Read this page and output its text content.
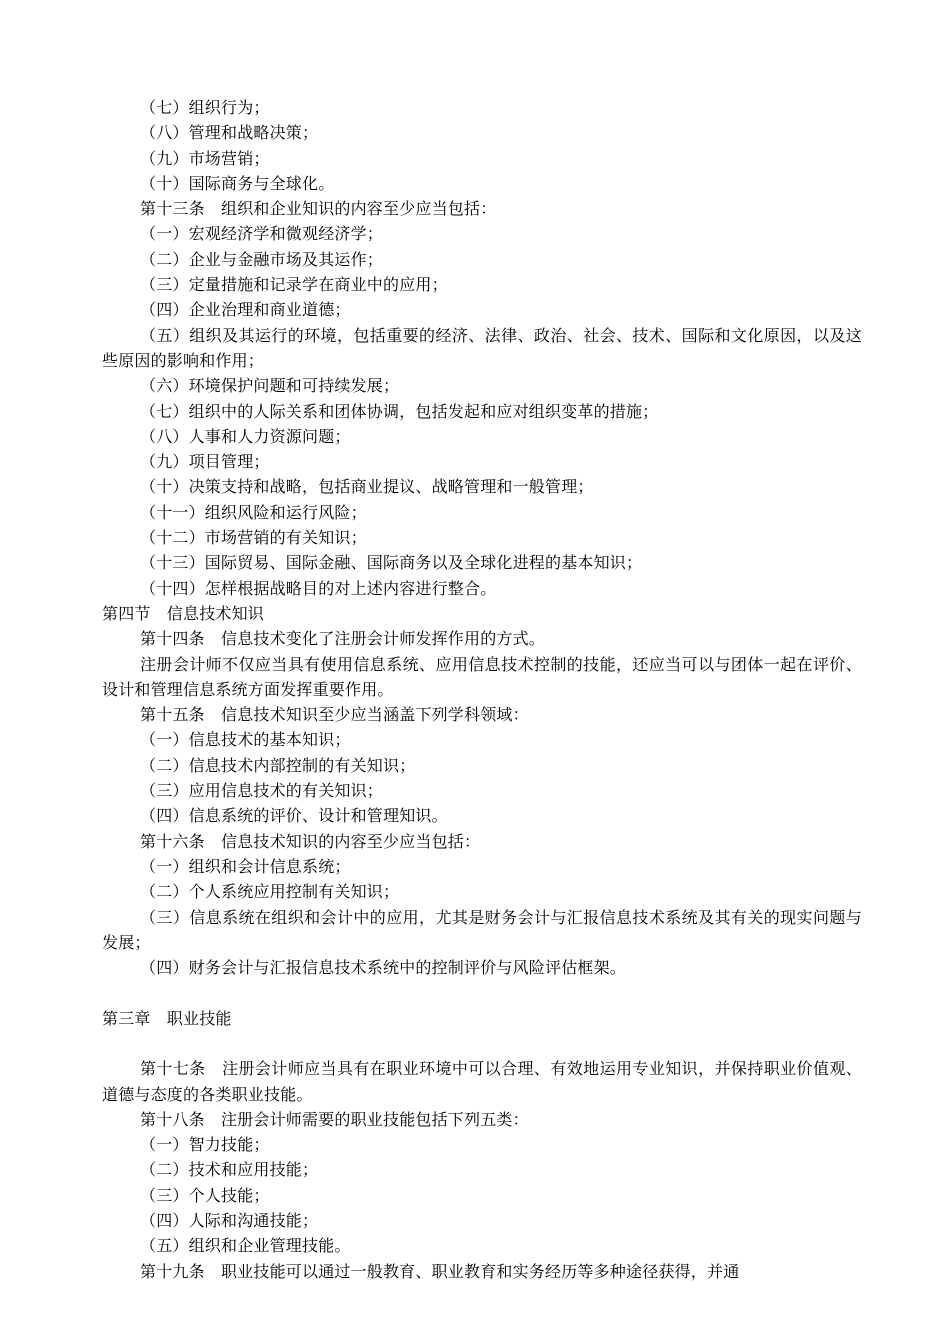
（七）组织行为；
（八）管理和战略决策；
（九）市场营销；
（十）国际商务与全球化。
第十三条　组织和企业知识的内容至少应当包括：
（一）宏观经济学和微观经济学；
（二）企业与金融市场及其运作；
（三）定量措施和记录学在商业中的应用；
（四）企业治理和商业道德；
（五）组织及其运行的环境，包括重要的经济、法律、政治、社会、技术、国际和文化原因，以及这些原因的影响和作用；
（六）环境保护问题和可持续发展；
（七）组织中的人际关系和团体协调，包括发起和应对组织变革的措施；
（八）人事和人力资源问题；
（九）项目管理；
（十）决策支持和战略，包括商业提议、战略管理和一般管理；
（十一）组织风险和运行风险；
（十二）市场营销的有关知识；
（十三）国际贸易、国际金融、国际商务以及全球化进程的基本知识；
（十四）怎样根据战略目的对上述内容进行整合。
第四节　信息技术知识
第十四条　信息技术变化了注册会计师发挥作用的方式。
注册会计师不仅应当具有使用信息系统、应用信息技术控制的技能，还应当可以与团体一起在评价、设计和管理信息系统方面发挥重要作用。
第十五条　信息技术知识至少应当涵盖下列学科领域：
（一）信息技术的基本知识；
（二）信息技术内部控制的有关知识；
（三）应用信息技术的有关知识；
（四）信息系统的评价、设计和管理知识。
第十六条　信息技术知识的内容至少应当包括：
（一）组织和会计信息系统；
（二）个人系统应用控制有关知识；
（三）信息系统在组织和会计中的应用，尤其是财务会计与汇报信息技术系统及其有关的现实问题与发展；
（四）财务会计与汇报信息技术系统中的控制评价与风险评估框架。
第三章　职业技能
第十七条　注册会计师应当具有在职业环境中可以合理、有效地运用专业知识，并保持职业价值观、道德与态度的各类职业技能。
第十八条　注册会计师需要的职业技能包括下列五类：
（一）智力技能；
（二）技术和应用技能；
（三）个人技能；
（四）人际和沟通技能；
（五）组织和企业管理技能。
第十九条　职业技能可以通过一般教育、职业教育和实务经历等多种途径获得，并通
